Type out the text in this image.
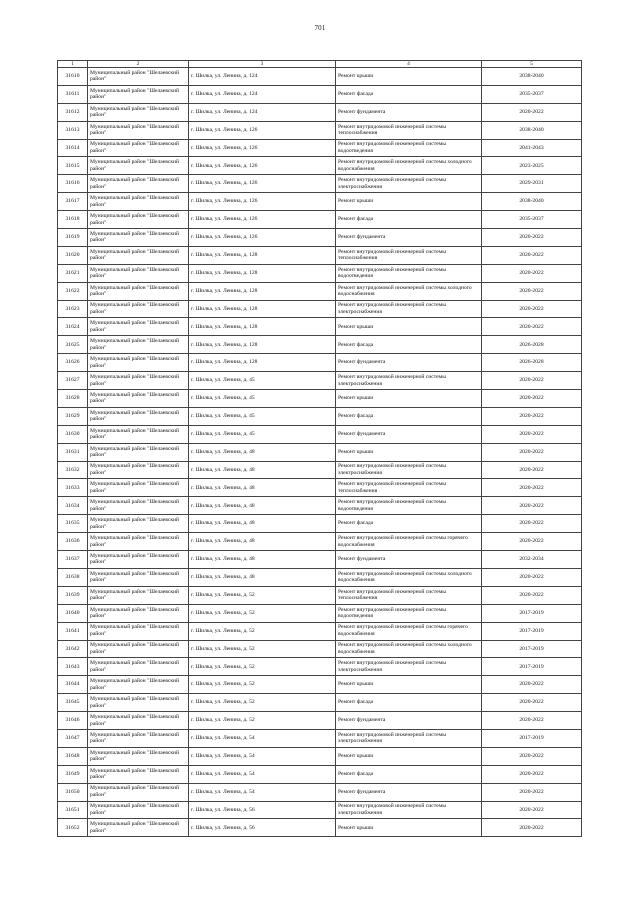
701
1	2	3	4	5
31610	Муниципальный район "Шелаевский район"	г. Шилка, ул. Ленина, д. 124	Ремонт крыши	2038-2040
31611	Муниципальный район "Шелаевский район"	г. Шилка, ул. Ленина, д. 124	Ремонт фасада	2035-2037
31612	Муниципальный район "Шелаевский район"	г. Шилка, ул. Ленина, д. 124	Ремонт фундамента	2020-2022
31613	Муниципальный район "Шелаевский район"	г. Шилка, ул. Ленина, д. 126	Ремонт внутридомовой инженерной системы теплоснабжения	2038-2040
31614	Муниципальный район "Шелаевский район"	г. Шилка, ул. Ленина, д. 126	Ремонт внутридомовой инженерной системы водоотведения	2041-2043
31615	Муниципальный район "Шелаевский район"	г. Шилка, ул. Ленина, д. 126	Ремонт внутридомовой инженерной системы холодного водоснабжения	2023-2025
31616	Муниципальный район "Шелаевский район"	г. Шилка, ул. Ленина, д. 126	Ремонт внутридомовой инженерной системы электроснабжения	2029-2031
31617	Муниципальный район "Шелаевский район"	г. Шилка, ул. Ленина, д. 126	Ремонт крыши	2038-2040
31618	Муниципальный район "Шелаевский район"	г. Шилка, ул. Ленина, д. 126	Ремонт фасада	2035-2037
31619	Муниципальный район "Шелаевский район"	г. Шилка, ул. Ленина, д. 126	Ремонт фундамента	2020-2022
31620	Муниципальный район "Шелаевский район"	г. Шилка, ул. Ленина, д. 128	Ремонт внутридомовой инженерной системы теплоснабжения	2020-2022
31621	Муниципальный район "Шелаевский район"	г. Шилка, ул. Ленина, д. 128	Ремонт внутридомовой инженерной системы водоотведения	2020-2022
31622	Муниципальный район "Шелаевский район"	г. Шилка, ул. Ленина, д. 128	Ремонт внутридомовой инженерной системы холодного водоснабжения	2020-2022
31623	Муниципальный район "Шелаевский район"	г. Шилка, ул. Ленина, д. 128	Ремонт внутридомовой инженерной системы электроснабжения	2020-2022
31624	Муниципальный район "Шелаевский район"	г. Шилка, ул. Ленина, д. 128	Ремонт крыши	2020-2022
31625	Муниципальный район "Шелаевский район"	г. Шилка, ул. Ленина, д. 128	Ремонт фасада	2026-2028
31626	Муниципальный район "Шелаевский район"	г. Шилка, ул. Ленина, д. 128	Ремонт фундамента	2026-2028
31627	Муниципальный район "Шелаевский район"	г. Шилка, ул. Ленина, д. 45	Ремонт внутридомовой инженерной системы электроснабжения	2020-2022
31628	Муниципальный район "Шелаевский район"	г. Шилка, ул. Ленина, д. 45	Ремонт крыши	2020-2022
31629	Муниципальный район "Шелаевский район"	г. Шилка, ул. Ленина, д. 45	Ремонт фасада	2020-2022
31630	Муниципальный район "Шелаевский район"	г. Шилка, ул. Ленина, д. 45	Ремонт фундамента	2020-2022
31631	Муниципальный район "Шелаевский район"	г. Шилка, ул. Ленина, д. 48	Ремонт крыши	2020-2022
31632	Муниципальный район "Шелаевский район"	г. Шилка, ул. Ленина, д. 48	Ремонт внутридомовой инженерной системы электроснабжения	2020-2022
31633	Муниципальный район "Шелаевский район"	г. Шилка, ул. Ленина, д. 48	Ремонт внутридомовой инженерной системы теплоснабжения	2020-2022
31634	Муниципальный район "Шелаевский район"	г. Шилка, ул. Ленина, д. 48	Ремонт внутридомовой инженерной системы водоотведения	2020-2022
31635	Муниципальный район "Шелаевский район"	г. Шилка, ул. Ленина, д. 48	Ремонт фасада	2020-2022
31636	Муниципальный район "Шелаевский район"	г. Шилка, ул. Ленина, д. 48	Ремонт внутридомовой инженерной системы горячего водоснабжения	2020-2022
31637	Муниципальный район "Шелаевский район"	г. Шилка, ул. Ленина, д. 48	Ремонт фундамента	2032-2034
31638	Муниципальный район "Шелаевский район"	г. Шилка, ул. Ленина, д. 48	Ремонт внутридомовой инженерной системы холодного водоснабжения	2020-2022
31639	Муниципальный район "Шелаевский район"	г. Шилка, ул. Ленина, д. 52	Ремонт внутридомовой инженерной системы теплоснабжения	2020-2022
31640	Муниципальный район "Шелаевский район"	г. Шилка, ул. Ленина, д. 52	Ремонт внутридомовой инженерной системы водоотведения	2017-2019
31641	Муниципальный район "Шелаевский район"	г. Шилка, ул. Ленина, д. 52	Ремонт внутридомовой инженерной системы горячего водоснабжения	2017-2019
31642	Муниципальный район "Шелаевский район"	г. Шилка, ул. Ленина, д. 52	Ремонт внутридомовой инженерной системы холодного водоснабжения	2017-2019
31643	Муниципальный район "Шелаевский район"	г. Шилка, ул. Ленина, д. 52	Ремонт внутридомовой инженерной системы электроснабжения	2017-2019
31644	Муниципальный район "Шелаевский район"	г. Шилка, ул. Ленина, д. 52	Ремонт крыши	2020-2022
31645	Муниципальный район "Шелаевский район"	г. Шилка, ул. Ленина, д. 52	Ремонт фасада	2020-2022
31646	Муниципальный район "Шелаевский район"	г. Шилка, ул. Ленина, д. 52	Ремонт фундамента	2020-2022
31647	Муниципальный район "Шелаевский район"	г. Шилка, ул. Ленина, д. 54	Ремонт внутридомовой инженерной системы электроснабжения	2017-2019
31648	Муниципальный район "Шелаевский район"	г. Шилка, ул. Ленина, д. 54	Ремонт крыши	2020-2022
31649	Муниципальный район "Шелаевский район"	г. Шилка, ул. Ленина, д. 54	Ремонт фасада	2020-2022
31650	Муниципальный район "Шелаевский район"	г. Шилка, ул. Ленина, д. 54	Ремонт фундамента	2020-2022
31651	Муниципальный район "Шелаевский район"	г. Шилка, ул. Ленина, д. 56	Ремонт внутридомовой инженерной системы электроснабжения	2020-2022
31652	Муниципальный район "Шелаевский район"	г. Шилка, ул. Ленина, д. 56	Ремонт крыши	2020-2022
